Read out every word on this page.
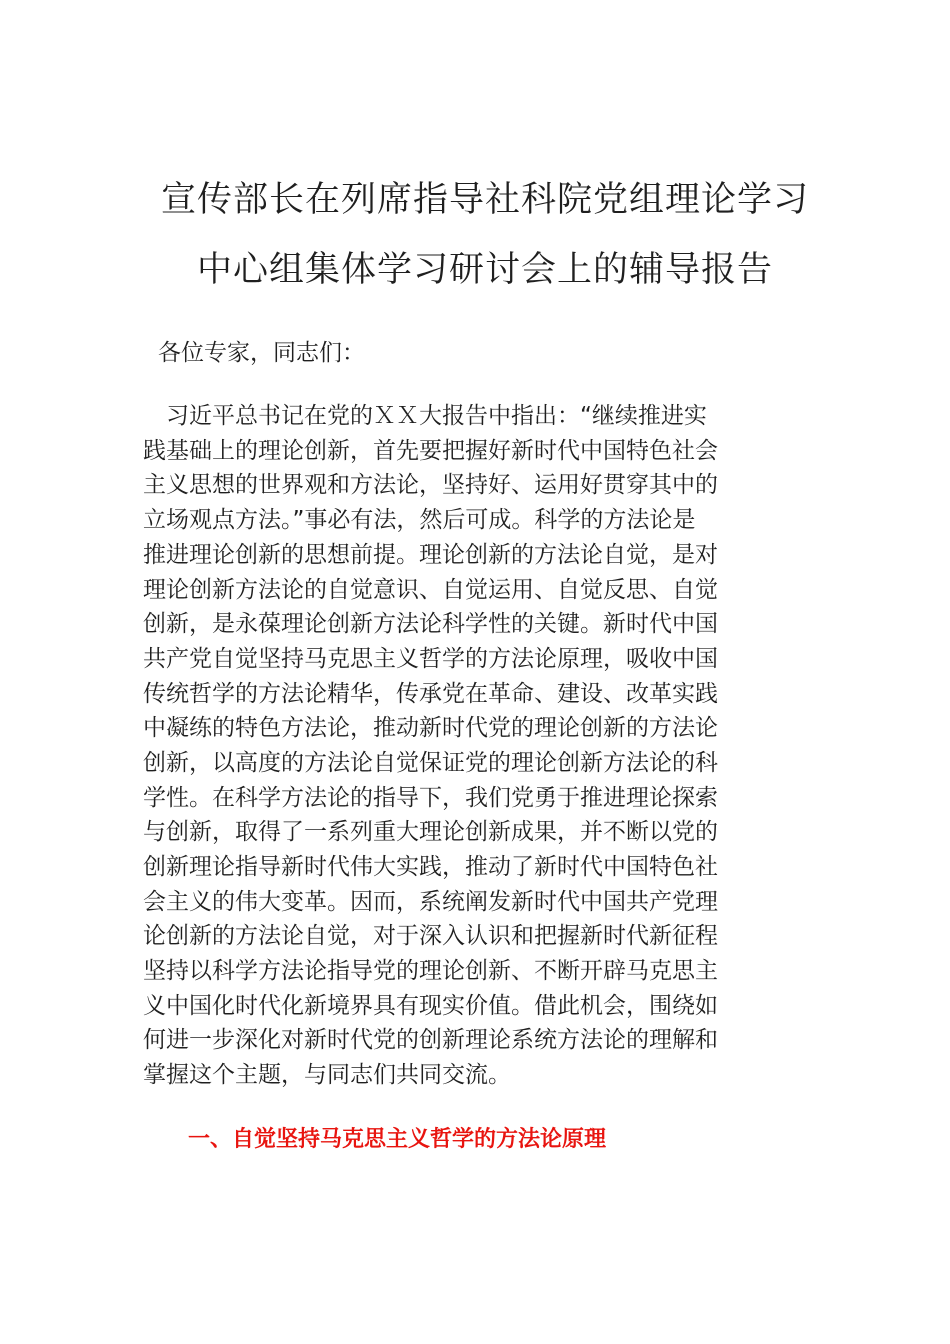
宣传部长在列席指导社科院党组理论学习
中心组集体学习研讨会上的辅导报告
各位专家，同志们：
　习近平总书记在党的ＸＸ大报告中指出：“继续推进实
践基础上的理论创新，首先要把握好新时代中国特色社会
主义思想的世界观和方法论，坚持好、运用好贯穿其中的
立场观点方法。”事必有法，然后可成。科学的方法论是
推进理论创新的思想前提。理论创新的方法论自觉，是对
理论创新方法论的自觉意识、自觉运用、自觉反思、自觉
创新，是永葆理论创新方法论科学性的关键。新时代中国
共产党自觉坚持马克思主义哲学的方法论原理，吸收中国
传统哲学的方法论精华，传承党在革命、建设、改革实践
中凝练的特色方法论，推动新时代党的理论创新的方法论
创新，以高度的方法论自觉保证党的理论创新方法论的科
学性。在科学方法论的指导下，我们党勇于推进理论探索
与创新，取得了一系列重大理论创新成果，并不断以党的
创新理论指导新时代伟大实践，推动了新时代中国特色社
会主义的伟大变革。因而，系统阐发新时代中国共产党理
论创新的方法论自觉，对于深入认识和把握新时代新征程
坚持以科学方法论指导党的理论创新、不断开辟马克思主
义中国化时代化新境界具有现实价值。借此机会，围绕如
何进一步深化对新时代党的创新理论系统方法论的理解和
掌握这个主题，与同志们共同交流。
一、自觉坚持马克思主义哲学的方法论原理
